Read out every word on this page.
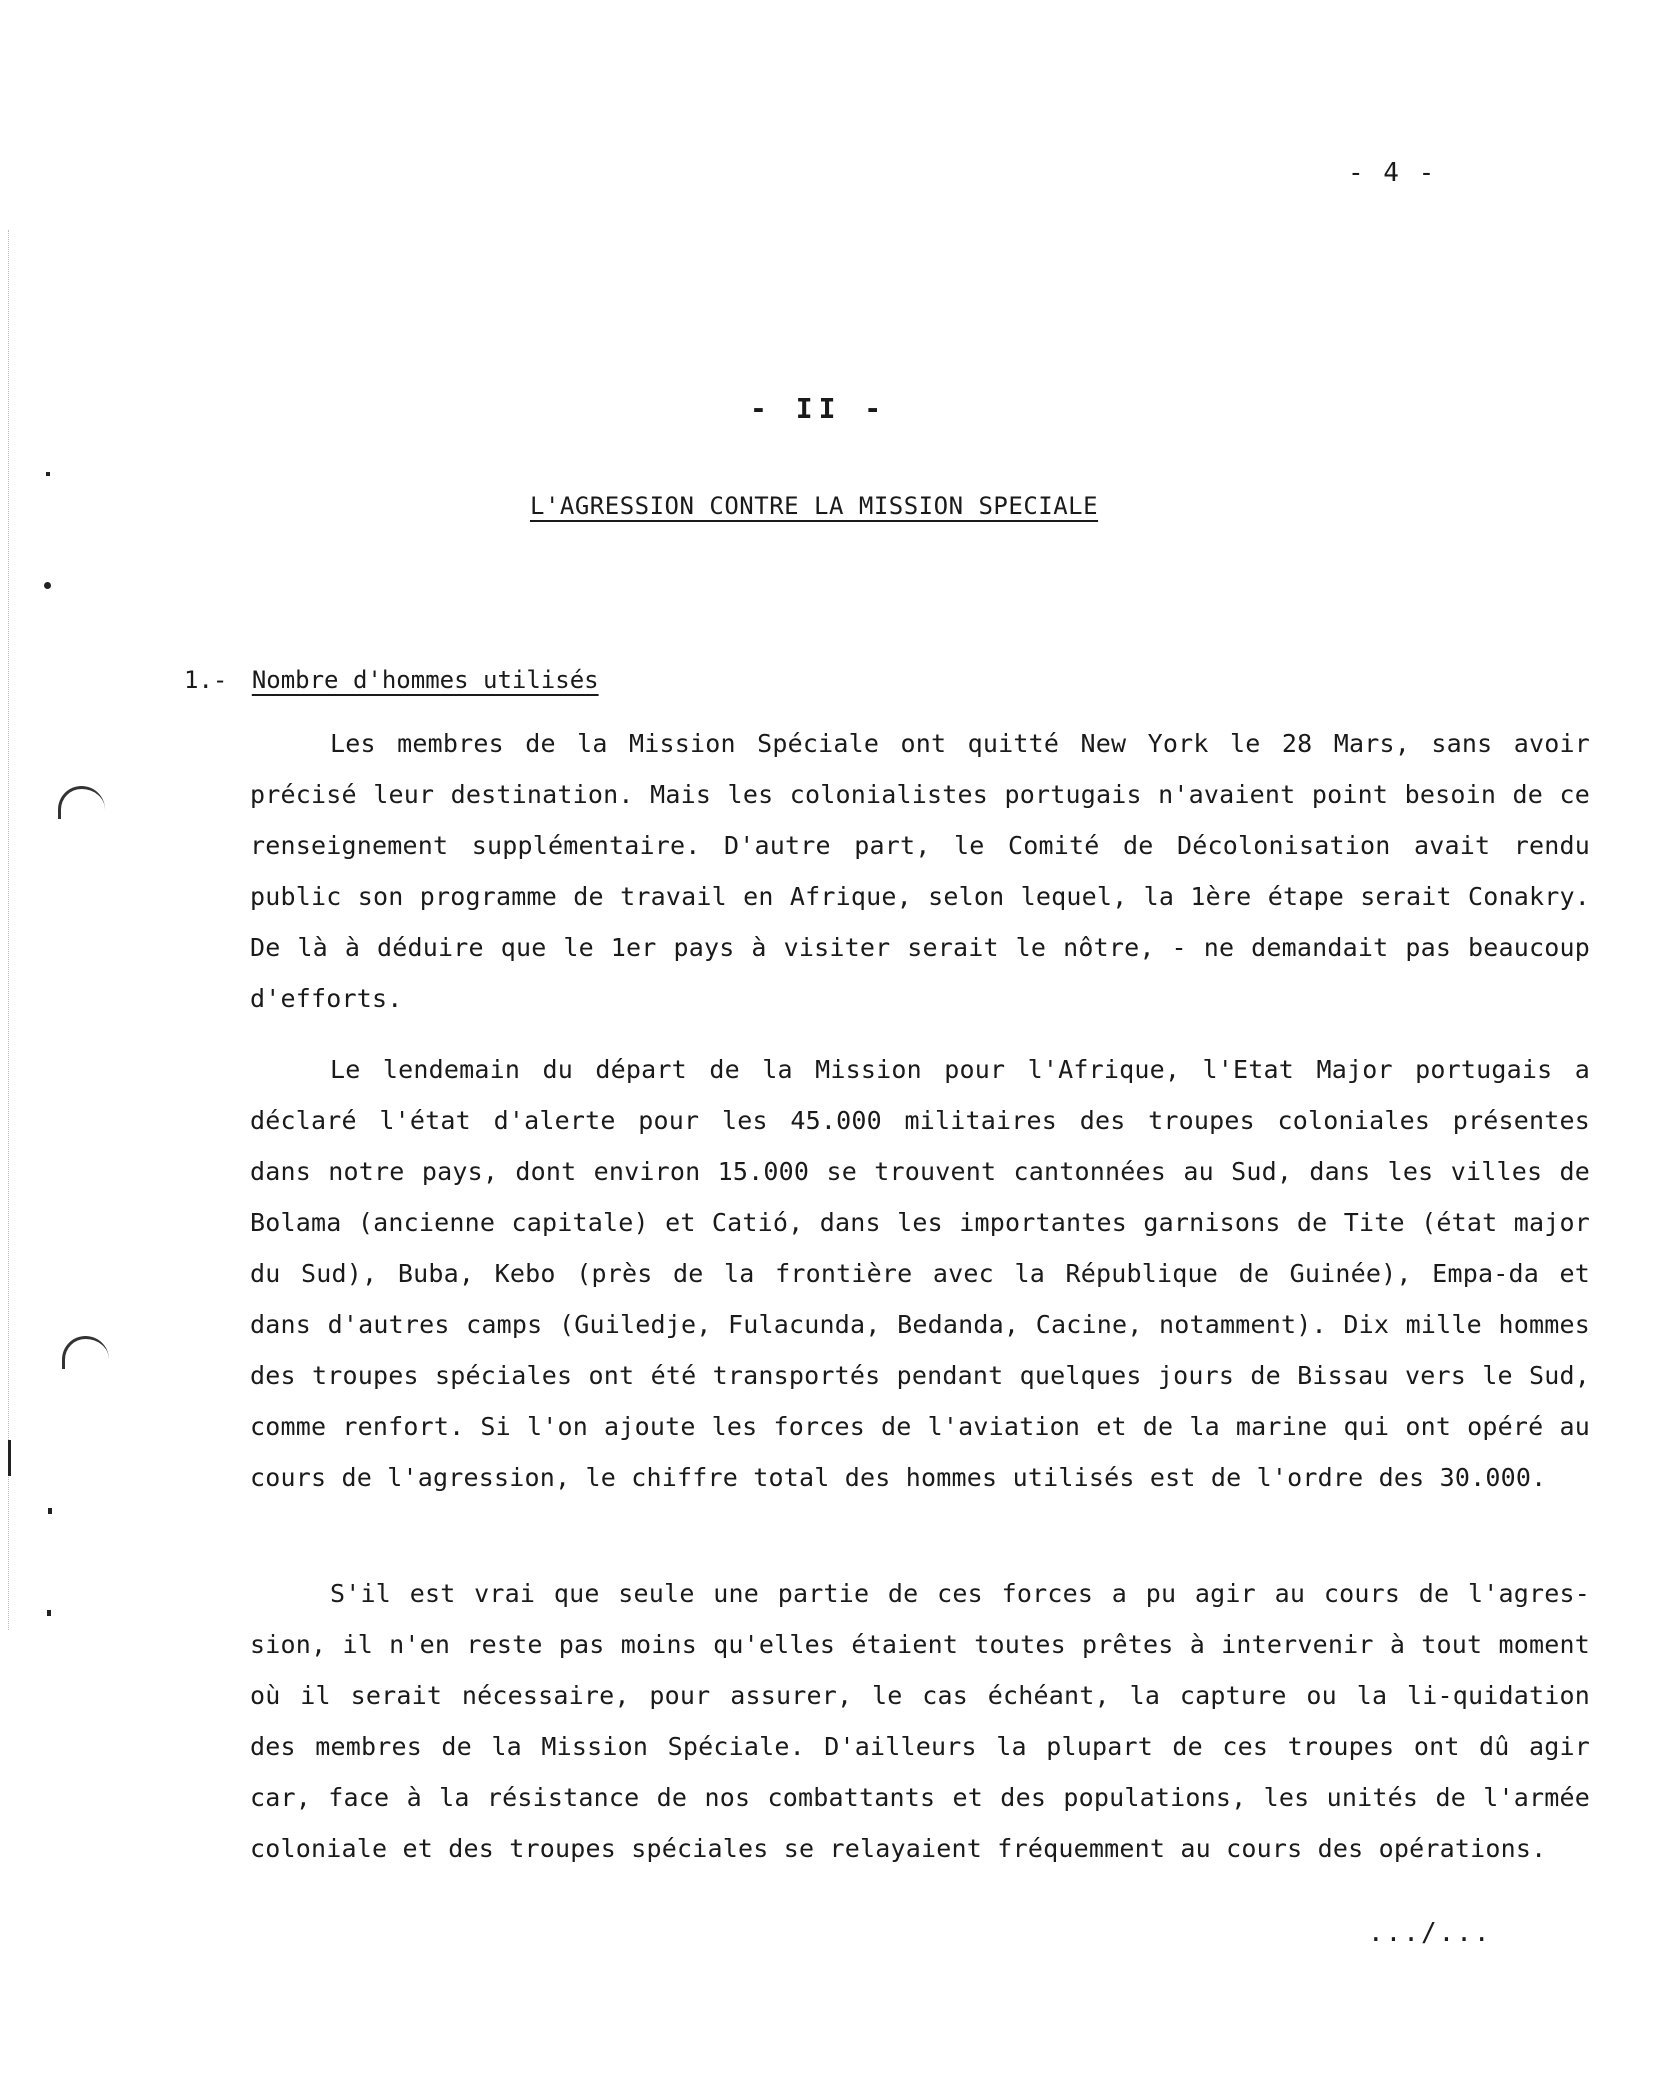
- 4 -
- II -
L'AGRESSION CONTRE LA MISSION SPECIALE
1.- Nombre d'hommes utilisés

Les membres de la Mission Spéciale ont quitté New York le 28 Mars, sans avoir précisé leur destination. Mais les colonialistes portugais n'avaient point besoin de ce renseignement supplémentaire. D'autre part, le Comité de Décolonisation avait rendu public son programme de travail en Afrique, selon lequel, la 1ère étape serait Conakry. De là à déduire que le 1er pays à visiter serait le nôtre, - ne demandait pas beaucoup d'efforts.

Le lendemain du départ de la Mission pour l'Afrique, l'Etat Major portugais a déclaré l'état d'alerte pour les 45.000 militaires des troupes coloniales présentes dans notre pays, dont environ 15.000 se trouvent cantonnées au Sud, dans les villes de Bolama (ancienne capitale) et Catió, dans les importantes garnisons de Tite (état major du Sud), Buba, Kebo (près de la frontière avec la République de Guinée), Empa-da et dans d'autres camps (Guiledje, Fulacunda, Bedanda, Cacine, notamment). Dix mille hommes des troupes spéciales ont été transportés pendant quelques jours de Bissau vers le Sud, comme renfort. Si l'on ajoute les forces de l'aviation et de la marine qui ont opéré au cours de l'agression, le chiffre total des hommes utilisés est de l'ordre des 30.000.

S'il est vrai que seule une partie de ces forces a pu agir au cours de l'agres-sion, il n'en reste pas moins qu'elles étaient toutes prêtes à intervenir à tout moment où il serait nécessaire, pour assurer, le cas échéant, la capture ou la li-quidation des membres de la Mission Spéciale. D'ailleurs la plupart de ces troupes ont dû agir car, face à la résistance de nos combattants et des populations, les unités de l'armée coloniale et des troupes spéciales se relayaient fréquemment au cours des opérations.

.../...
